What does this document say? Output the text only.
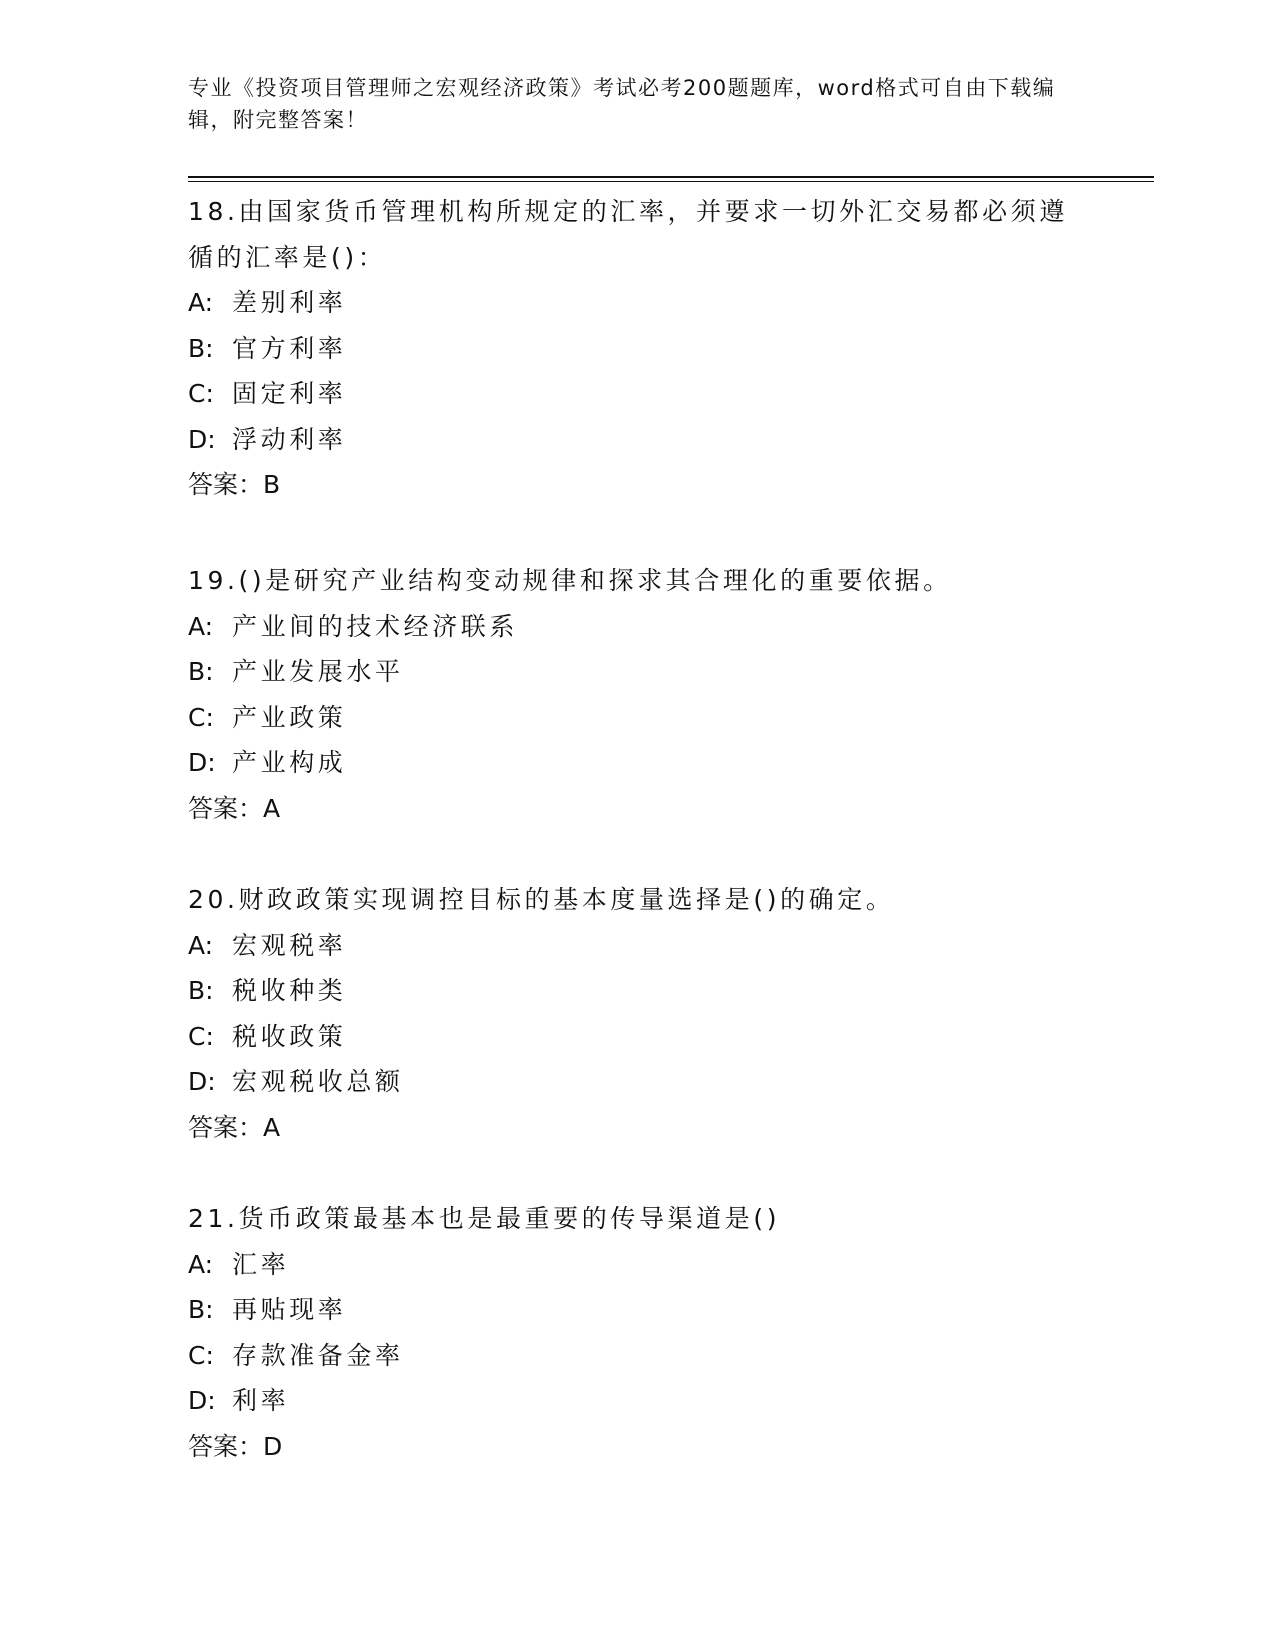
专业《投资项目管理师之宏观经济政策》考试必考200题题库，word格式可自由下载编辑，附完整答案！

18.由国家货币管理机构所规定的汇率，并要求一切外汇交易都必须遵循的汇率是()：

A: 差别利率
B: 官方利率
C: 固定利率
D: 浮动利率
答案：B

19.()是研究产业结构变动规律和探求其合理化的重要依据。

A: 产业间的技术经济联系
B: 产业发展水平
C: 产业政策
D: 产业构成
答案：A

20.财政政策实现调控目标的基本度量选择是()的确定。

A: 宏观税率
B: 税收种类
C: 税收政策
D: 宏观税收总额
答案：A

21.货币政策最基本也是最重要的传导渠道是()

A: 汇率
B: 再贴现率
C: 存款准备金率
D: 利率
答案：D
